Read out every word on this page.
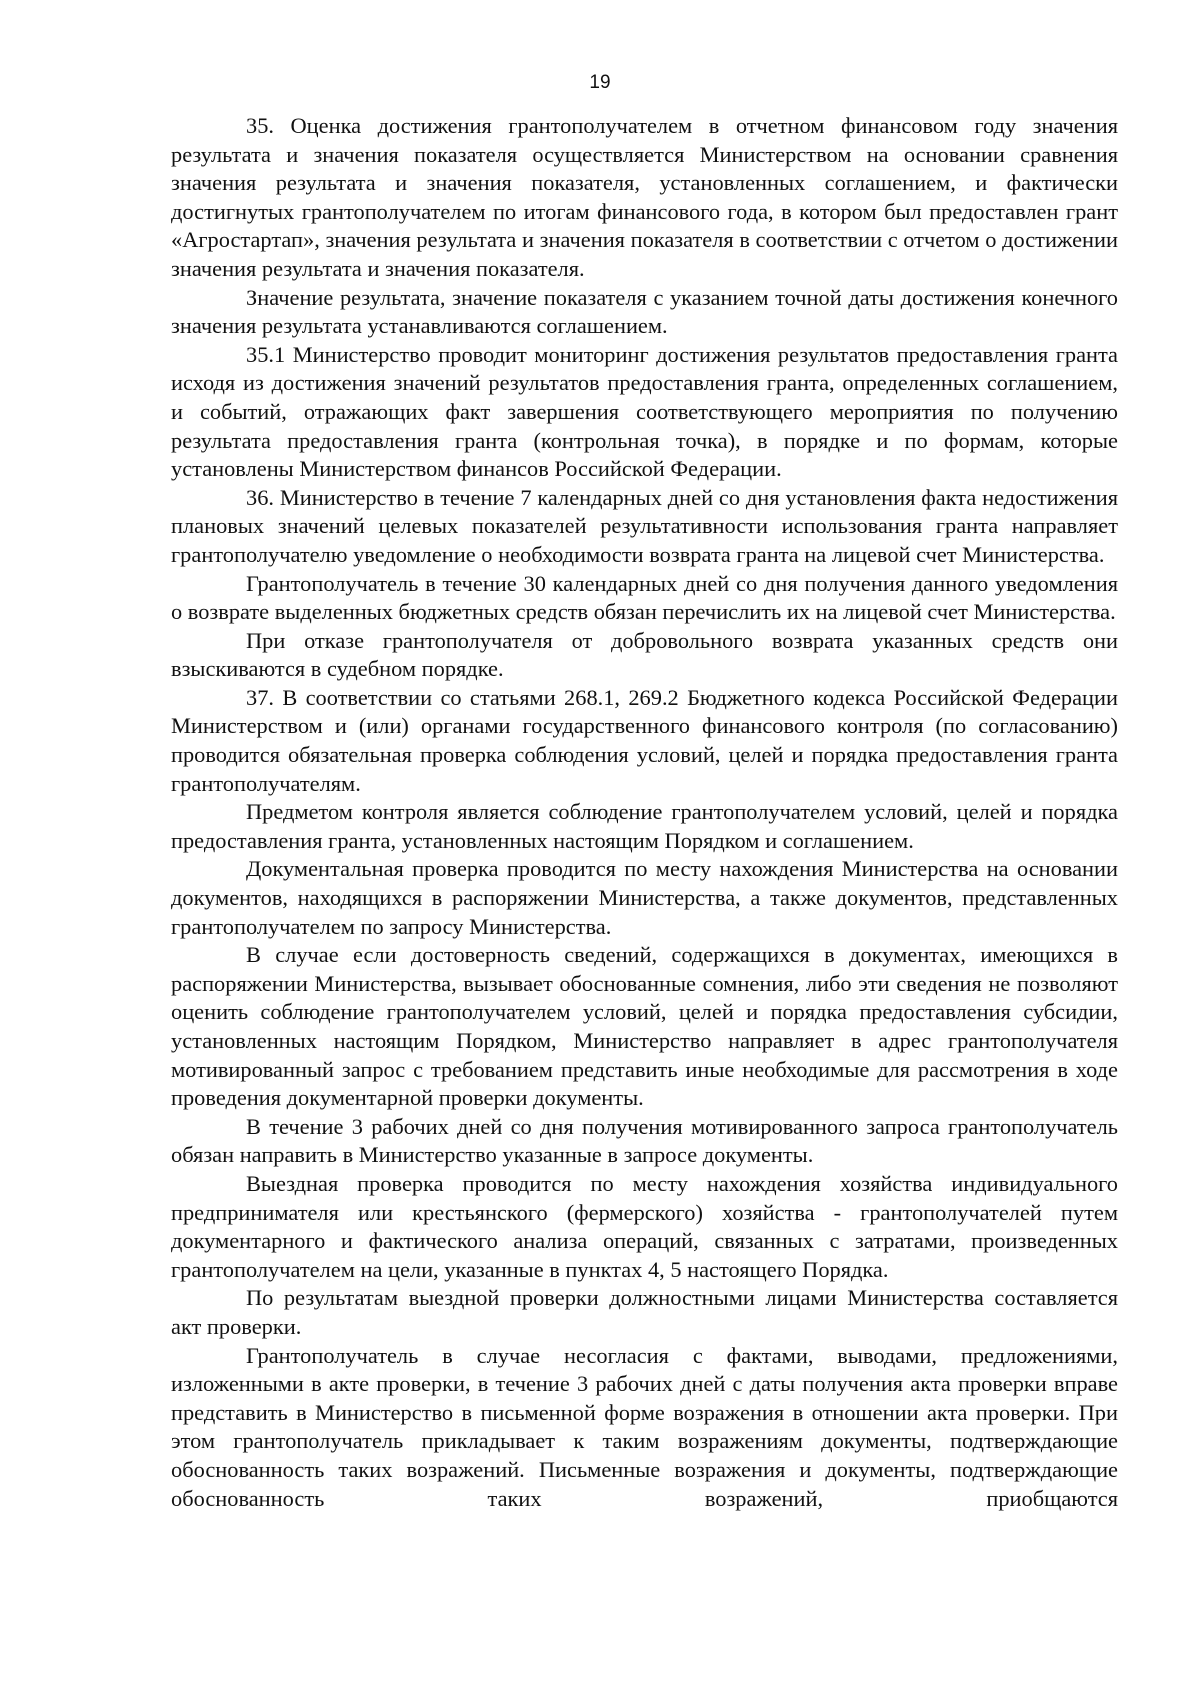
19

35. Оценка достижения грантополучателем в отчетном финансовом году значения результата и значения показателя осуществляется Министерством на основании сравнения значения результата и значения показателя, установленных соглашением, и фактически достигнутых грантополучателем по итогам финансового года, в котором был предоставлен грант «Агростартап», значения результата и значения показателя в соответствии с отчетом о достижении значения результата и значения показателя.

Значение результата, значение показателя с указанием точной даты достижения конечного значения результата устанавливаются соглашением.

35.1 Министерство проводит мониторинг достижения результатов предоставления гранта исходя из достижения значений результатов предоставления гранта, определенных соглашением, и событий, отражающих факт завершения соответствующего мероприятия по получению результата предоставления гранта (контрольная точка), в порядке и по формам, которые установлены Министерством финансов Российской Федерации.

36. Министерство в течение 7 календарных дней со дня установления факта недостижения плановых значений целевых показателей результативности использования гранта направляет грантополучателю уведомление о необходимости возврата гранта на лицевой счет Министерства.

Грантополучатель в течение 30 календарных дней со дня получения данного уведомления о возврате выделенных бюджетных средств обязан перечислить их на лицевой счет Министерства.

При отказе грантополучателя от добровольного возврата указанных средств они взыскиваются в судебном порядке.

37. В соответствии со статьями 268.1, 269.2 Бюджетного кодекса Российской Федерации Министерством и (или) органами государственного финансового контроля (по согласованию) проводится обязательная проверка соблюдения условий, целей и порядка предоставления гранта грантополучателям.

Предметом контроля является соблюдение грантополучателем условий, целей и порядка предоставления гранта, установленных настоящим Порядком и соглашением.

Документальная проверка проводится по месту нахождения Министерства на основании документов, находящихся в распоряжении Министерства, а также документов, представленных грантополучателем по запросу Министерства.

В случае если достоверность сведений, содержащихся в документах, имеющихся в распоряжении Министерства, вызывает обоснованные сомнения, либо эти сведения не позволяют оценить соблюдение грантополучателем условий, целей и порядка предоставления субсидии, установленных настоящим Порядком, Министерство направляет в адрес грантополучателя мотивированный запрос с требованием представить иные необходимые для рассмотрения в ходе проведения документарной проверки документы.

В течение 3 рабочих дней со дня получения мотивированного запроса грантополучатель обязан направить в Министерство указанные в запросе документы.

Выездная проверка проводится по месту нахождения хозяйства индивидуального предпринимателя или крестьянского (фермерского) хозяйства - грантополучателей путем документарного и фактического анализа операций, связанных с затратами, произведенных грантополучателем на цели, указанные в пунктах 4, 5 настоящего Порядка.

По результатам выездной проверки должностными лицами Министерства составляется акт проверки.

Грантополучатель в случае несогласия с фактами, выводами, предложениями, изложенными в акте проверки, в течение 3 рабочих дней с даты получения акта проверки вправе представить в Министерство в письменной форме возражения в отношении акта проверки. При этом грантополучатель прикладывает к таким возражениям документы, подтверждающие обоснованность таких возражений. Письменные возражения и документы, подтверждающие обоснованность таких возражений, приобщаются
